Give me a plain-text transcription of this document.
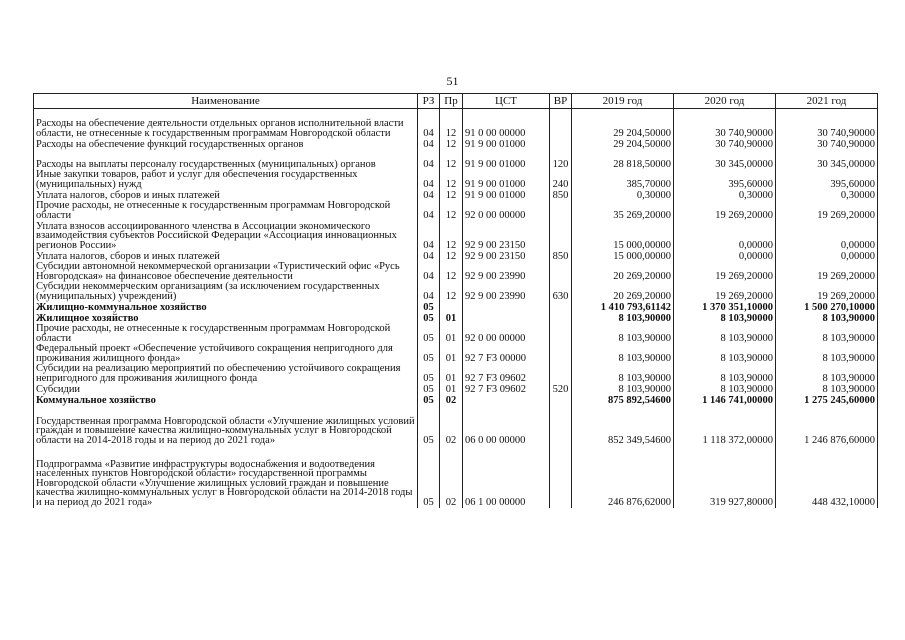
51
Наименование	РЗ	Пр	ЦСТ	ВР	2019 год	2020 год	2021 год
Расходы на обеспечение деятельности отдельных органов исполнительной власти области, не отнесенные к государственным программам Новгородской области	04	12	91 0 00 00000		29 204,50000	30 740,90000	30 740,90000
Расходы на обеспечение функций государственных органов	04	12	91 9 00 01000		29 204,50000	30 740,90000	30 740,90000
Расходы на выплаты персоналу государственных (муниципальных) органов	04	12	91 9 00 01000	120	28 818,50000	30 345,00000	30 345,00000
Иные закупки товаров, работ и услуг для обеспечения государственных (муниципальных) нужд	04	12	91 9 00 01000	240	385,70000	395,60000	395,60000
Уплата налогов, сборов и иных платежей	04	12	91 9 00 01000	850	0,30000	0,30000	0,30000
Прочие расходы, не отнесенные к государственным программам Новгородской области	04	12	92 0 00 00000		35 269,20000	19 269,20000	19 269,20000
Уплата взносов ассоциированного членства в Ассоциации экономического взаимодействия субъектов Российской Федерации «Ассоциация инновационных регионов России»	04	12	92 9 00 23150		15 000,00000	0,00000	0,00000
Уплата налогов, сборов и иных платежей	04	12	92 9 00 23150	850	15 000,00000	0,00000	0,00000
Субсидии автономной некоммерческой организации «Туристический офис «Русь Новгородская» на финансовое обеспечение деятельности	04	12	92 9 00 23990		20 269,20000	19 269,20000	19 269,20000
Субсидии некоммерческим организациям (за исключением государственных (муниципальных) учреждений)	04	12	92 9 00 23990	630	20 269,20000	19 269,20000	19 269,20000
Жилищно-коммунальное хозяйство	05				1 410 793,61142	1 370 351,10000	1 500 270,10000
Жилищное хозяйство	05	01			8 103,90000	8 103,90000	8 103,90000
Прочие расходы, не отнесенные к государственным программам Новгородской области	05	01	92 0 00 00000		8 103,90000	8 103,90000	8 103,90000
Федеральный проект «Обеспечение устойчивого сокращения непригодного для проживания жилищного фонда»	05	01	92 7 F3 00000		8 103,90000	8 103,90000	8 103,90000
Субсидии на реализацию мероприятий по обеспечению устойчивого сокращения непригодного для проживания жилищного фонда	05	01	92 7 F3 09602		8 103,90000	8 103,90000	8 103,90000
Субсидии	05	01	92 7 F3 09602	520	8 103,90000	8 103,90000	8 103,90000
Коммунальное хозяйство	05	02			875 892,54600	1 146 741,00000	1 275 245,60000
Государственная программа Новгородской области «Улучшение жилищных условий граждан и повышение качества жилищно-коммунальных услуг в Новгородской области на 2014-2018 годы и на период до 2021 года»	05	02	06 0 00 00000		852 349,54600	1 118 372,00000	1 246 876,60000
Подпрограмма «Развитие инфраструктуры водоснабжения и водоотведения населенных пунктов Новгородской области» государственной программы Новгородской области «Улучшение жилищных условий граждан и повышение качества жилищно-коммунальных услуг в Новгородской области на 2014-2018 годы и на период до 2021 года»	05	02	06 1 00 00000		246 876,62000	319 927,80000	448 432,10000
